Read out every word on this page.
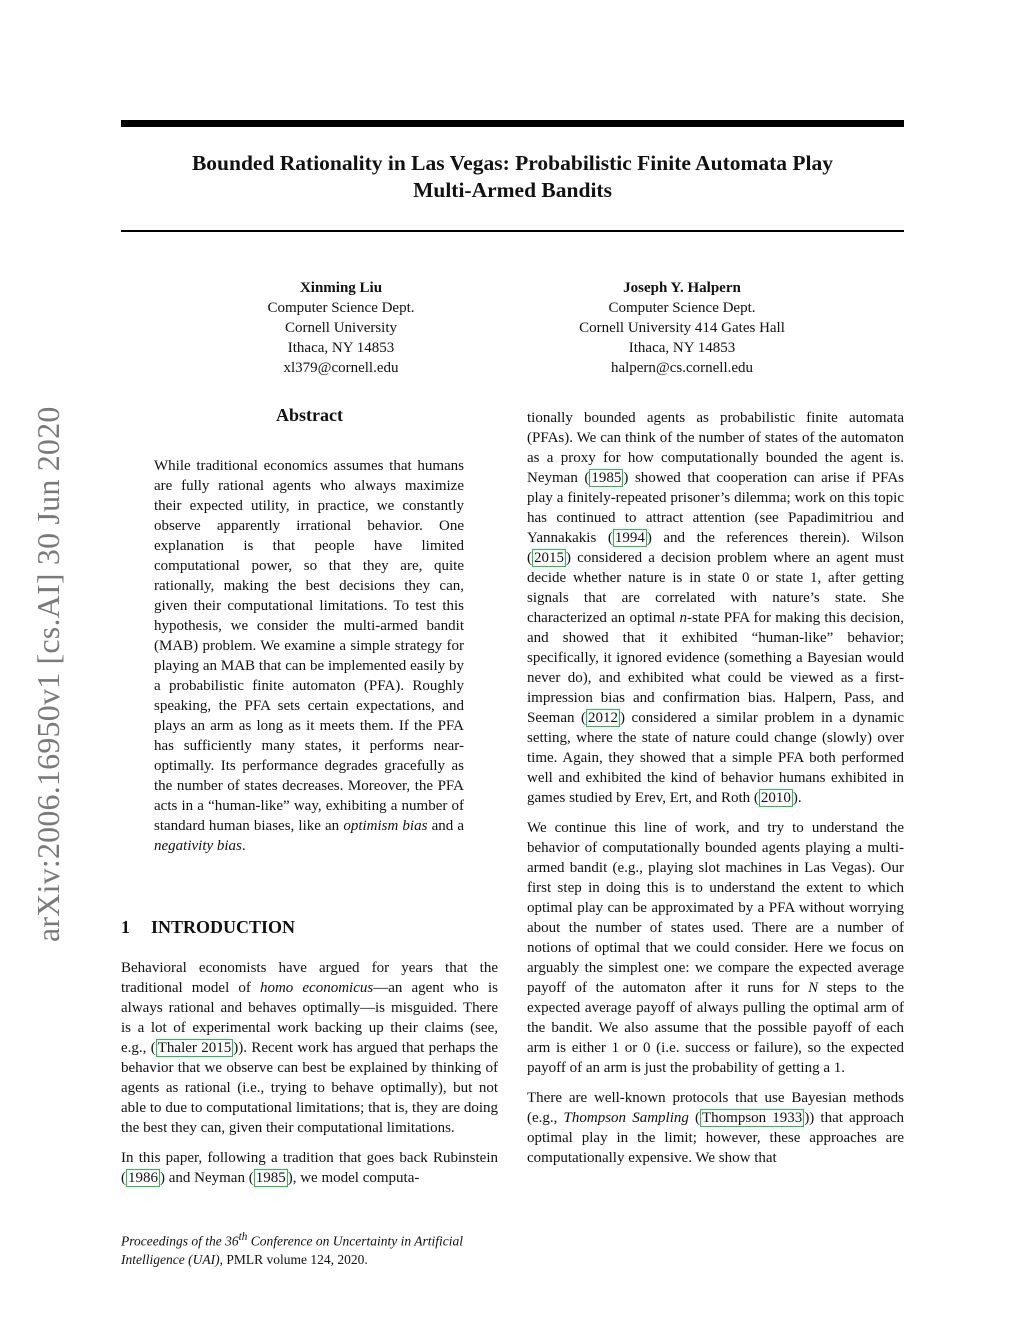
Bounded Rationality in Las Vegas: Probabilistic Finite Automata Play
Multi-Armed Bandits
Xinming Liu
Computer Science Dept.
Cornell University
Ithaca, NY 14853
xl379@cornell.edu
Joseph Y. Halpern
Computer Science Dept.
Cornell University 414 Gates Hall
Ithaca, NY 14853
halpern@cs.cornell.edu
arXiv:2006.16950v1 [cs.AI] 30 Jun 2020	Abstract
While traditional economics assumes that humans are fully rational agents who always maximize their expected utility, in practice, we constantly observe apparently irrational behavior. One explanation is that people have limited computational power, so that they are, quite rationally, making the best decisions they can, given their computational limitations. To test this hypothesis, we consider the multi-armed bandit (MAB) problem. We examine a simple strategy for playing an MAB that can be implemented easily by a probabilistic finite automaton (PFA). Roughly speaking, the PFA sets certain expectations, and plays an arm as long as it meets them. If the PFA has sufficiently many states, it performs near-optimally. Its performance degrades gracefully as the number of states decreases. Moreover, the PFA acts in a “human-like” way, exhibiting a number of standard human biases, like an optimism bias and a negativity bias.
1 INTRODUCTION

Behavioral economists have argued for years that the traditional model of homo economicus—an agent who is always rational and behaves optimally—is misguided. There is a lot of experimental work backing up their claims (see, e.g., ( Thaler 2015 )). Recent work has argued that perhaps the behavior that we observe can best be explained by thinking of agents as rational (i.e., trying to behave optimally), but not able to due to computational limitations; that is, they are doing the best they can, given their computational limitations.

In this paper, following a tradition that goes back Rubinstein ( 1986 ) and Neyman ( 1985 ), we model computa-

tionally bounded agents as probabilistic finite automata (PFAs). We can think of the number of states of the automaton as a proxy for how computationally bounded the agent is. Neyman ( 1985 ) showed that cooperation can arise if PFAs play a finitely-repeated prisoner’s dilemma; work on this topic has continued to attract attention (see Papadimitriou and Yannakakis ( 1994 ) and the references therein). Wilson ( 2015 ) considered a decision problem where an agent must decide whether nature is in state 0 or state 1, after getting signals that are correlated with nature’s state. She characterized an optimal n-state PFA for making this decision, and showed that it exhibited “human-like” behavior; specifically, it ignored evidence (something a Bayesian would never do), and exhibited what could be viewed as a first-impression bias and confirmation bias. Halpern, Pass, and Seeman ( 2012 ) considered a similar problem in a dynamic setting, where the state of nature could change (slowly) over time. Again, they showed that a simple PFA both performed well and exhibited the kind of behavior humans exhibited in games studied by Erev, Ert, and Roth ( 2010 ).

We continue this line of work, and try to understand the behavior of computationally bounded agents playing a multi-armed bandit (e.g., playing slot machines in Las Vegas). Our first step in doing this is to understand the extent to which optimal play can be approximated by a PFA without worrying about the number of states used. There are a number of notions of optimal that we could consider. Here we focus on arguably the simplest one: we compare the expected average payoff of the automaton after it runs for N steps to the expected average payoff of always pulling the optimal arm of the bandit. We also assume that the possible payoff of each arm is either 1 or 0 (i.e. success or failure), so the expected payoff of an arm is just the probability of getting a 1.

There are well-known protocols that use Bayesian methods (e.g., Thompson Sampling ( Thompson 1933 )) that approach optimal play in the limit; however, these approaches are computationally expensive. We show that

Proceedings of the 36th Conference on Uncertainty in Artificial Intelligence (UAI), PMLR volume 124, 2020.
